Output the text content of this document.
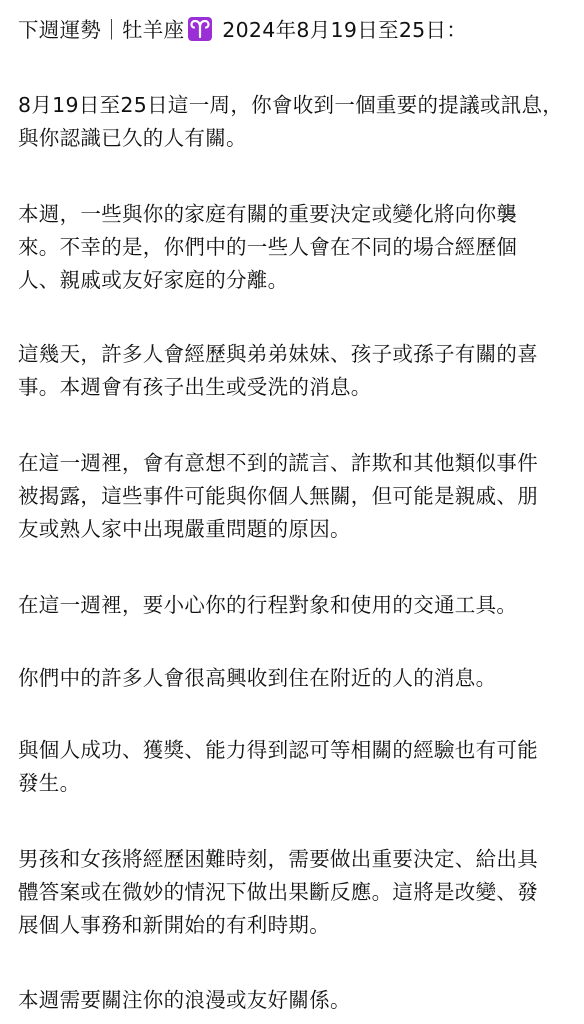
下週運勢｜牡羊座
2024年8月19日至25日：

8月19日至25日這一周，你會收到一個重要的提議或訊息，
與你認識已久的人有關。

本週，一些與你的家庭有關的重要決定或變化將向你襲
來。不幸的是，你們中的一些人會在不同的場合經歷個
人、親戚或友好家庭的分離。

這幾天，許多人會經歷與弟弟妹妹、孩子或孫子有關的喜
事。本週會有孩子出生或受洗的消息。

在這一週裡，會有意想不到的謊言、詐欺和其他類似事件
被揭露，這些事件可能與你個人無關，但可能是親戚、朋
友或熟人家中出現嚴重問題的原因。

在這一週裡，要小心你的行程對象和使用的交通工具。

你們中的許多人會很高興收到住在附近的人的消息。

與個人成功、獲獎、能力得到認可等相關的經驗也有可能
發生。

男孩和女孩將經歷困難時刻，需要做出重要決定、給出具
體答案或在微妙的情況下做出果斷反應。這將是改變、發
展個人事務和新開始的有利時期。

本週需要關注你的浪漫或友好關係。
